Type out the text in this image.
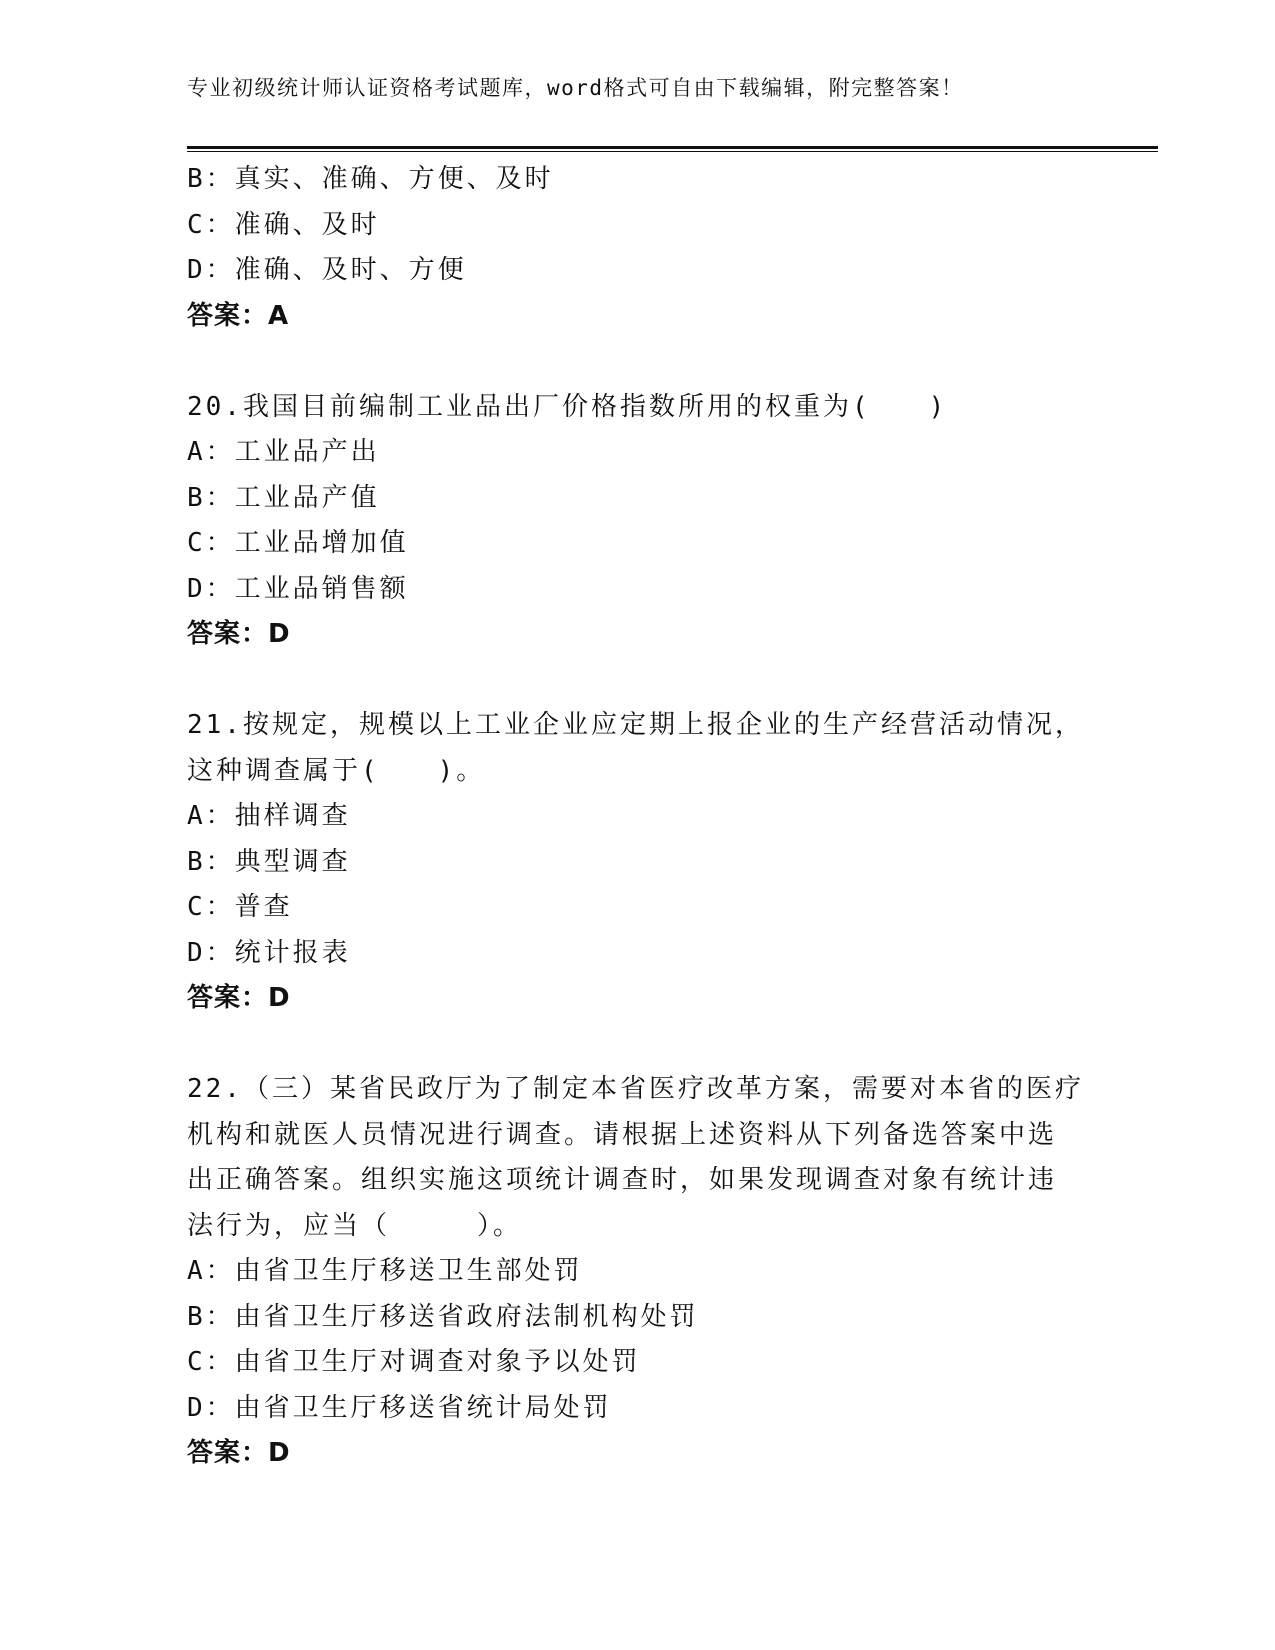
专业初级统计师认证资格考试题库，word格式可自由下载编辑，附完整答案！
B：真实、准确、方便、及时
C：准确、及时
D：准确、及时、方便
答案：A
20.我国目前编制工业品出厂价格指数所用的权重为(　　)
A：工业品产出
B：工业品产值
C：工业品增加值
D：工业品销售额
答案：D
21.按规定，规模以上工业企业应定期上报企业的生产经营活动情况，
这种调查属于(　　)。
A：抽样调查
B：典型调查
C：普查
D：统计报表
答案：D
22.（三）某省民政厅为了制定本省医疗改革方案，需要对本省的医疗
机构和就医人员情况进行调查。请根据上述资料从下列备选答案中选
出正确答案。组织实施这项统计调查时，如果发现调查对象有统计违
法行为，应当（　　　）。
A：由省卫生厅移送卫生部处罚
B：由省卫生厅移送省政府法制机构处罚
C：由省卫生厅对调查对象予以处罚
D：由省卫生厅移送省统计局处罚
答案：D
